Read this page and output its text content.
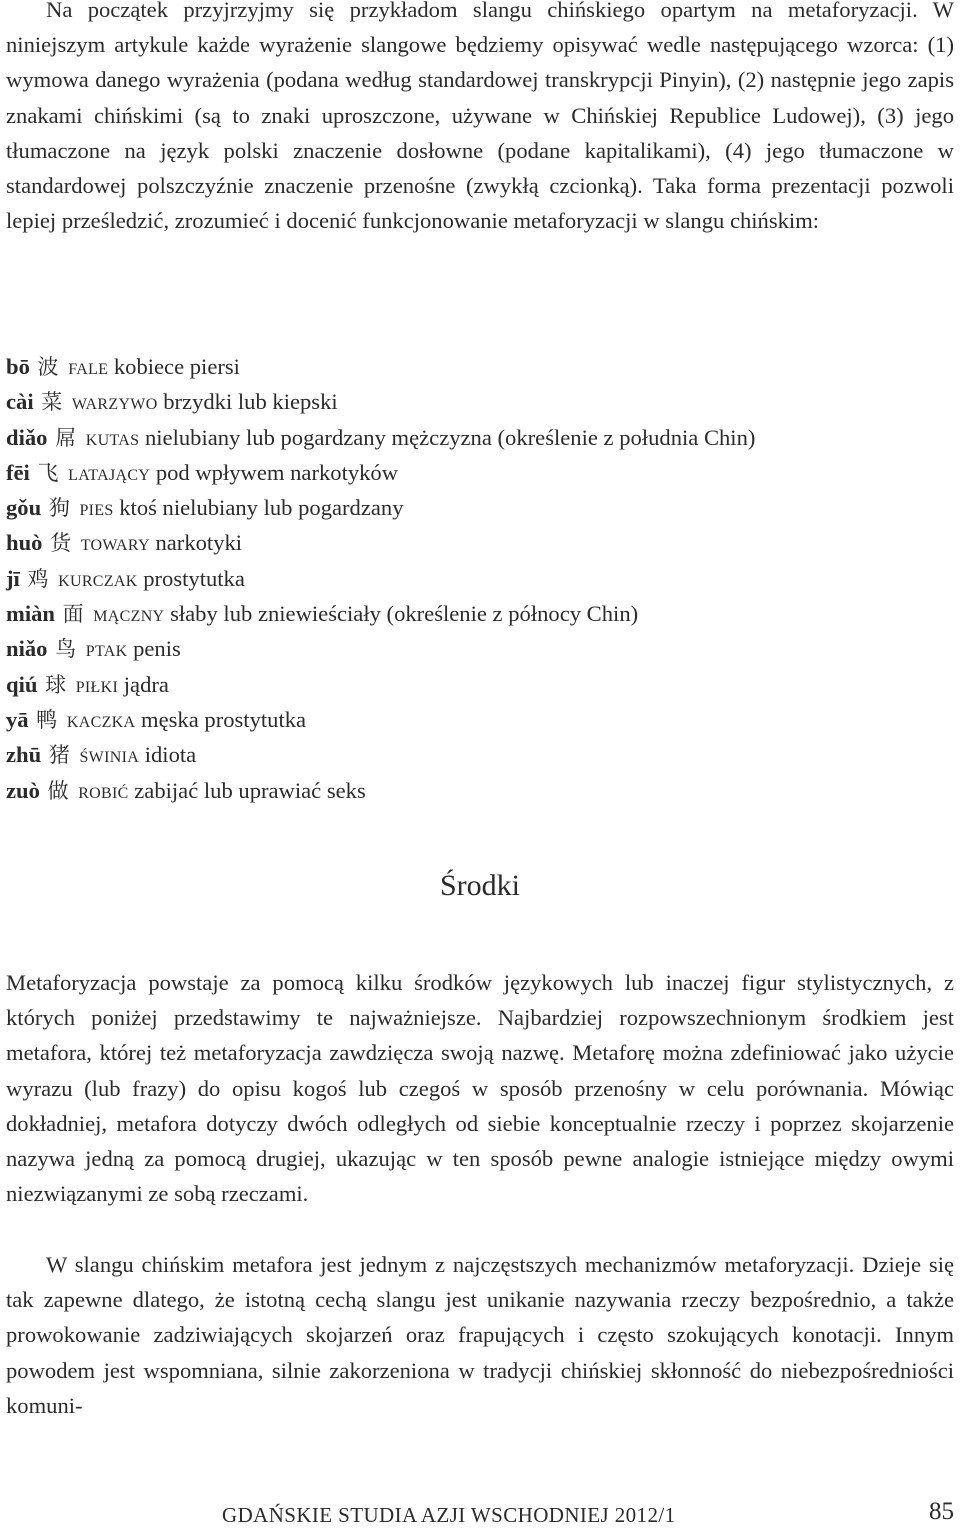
Na początek przyjrzyjmy się przykładom slangu chińskiego opartym na metaforyzacji. W niniejszym artykule każde wyrażenie slangowe będziemy opisywać wedle następującego wzorca: (1) wymowa danego wyrażenia (podana według standardowej transkrypcji Pinyin), (2) następnie jego zapis znakami chińskimi (są to znaki uproszczone, używane w Chińskiej Republice Ludowej), (3) jego tłumaczone na język polski znaczenie dosłowne (podane kapitalikami), (4) jego tłumaczone w standardowej polszczyźnie znaczenie przenośne (zwykłą czcionką). Taka forma prezentacji pozwoli lepiej prześledzić, zrozumieć i docenić funkcjonowanie metaforyzacji w slangu chińskim:

bō 波 fale kobiece piersi
cài 菜 warzywo brzydki lub kiepski
diǎo 屌 kutas nielubiany lub pogardzany mężczyzna (określenie z południa Chin)
fēi 飞 latający pod wpływem narkotyków
gǒu 狗 pies ktoś nielubiany lub pogardzany
huò 货 towary narkotyki
jī 鸡 kurczak prostytutka
miàn 面 mączny słaby lub zniewieściały (określenie z północy Chin)
niǎo 鸟 ptak penis
qiú 球 piłki jądra
yā 鸭 kaczka męska prostytutka
zhū 猪 świnia idiota
zuò 做 robić zabijać lub uprawiać seks
Środki

Metaforyzacja powstaje za pomocą kilku środków językowych lub inaczej figur stylistycznych, z których poniżej przedstawimy te najważniejsze. Najbardziej rozpowszechnionym środkiem jest metafora, której też metaforyzacja zawdzięcza swoją nazwę. Metaforę można zdefiniować jako użycie wyrazu (lub frazy) do opisu kogoś lub czegoś w sposób przenośny w celu porównania. Mówiąc dokładniej, metafora dotyczy dwóch odległych od siebie konceptualnie rzeczy i poprzez skojarzenie nazywa jedną za pomocą drugiej, ukazując w ten sposób pewne analogie istniejące między owymi niezwiązanymi ze sobą rzeczami.

W slangu chińskim metafora jest jednym z najczęstszych mechanizmów metaforyzacji. Dzieje się tak zapewne dlatego, że istotną cechą slangu jest unikanie nazywania rzeczy bezpośrednio, a także prowokowanie zadziwiających skojarzeń oraz frapujących i często szokujących konotacji. Innym powodem jest wspomniana, silnie zakorzeniona w tradycji chińskiej skłonność do niebezpośredniości komuni-

GDAŃSKIE STUDIA AZJI WSCHODNIEJ 2012/1	85
